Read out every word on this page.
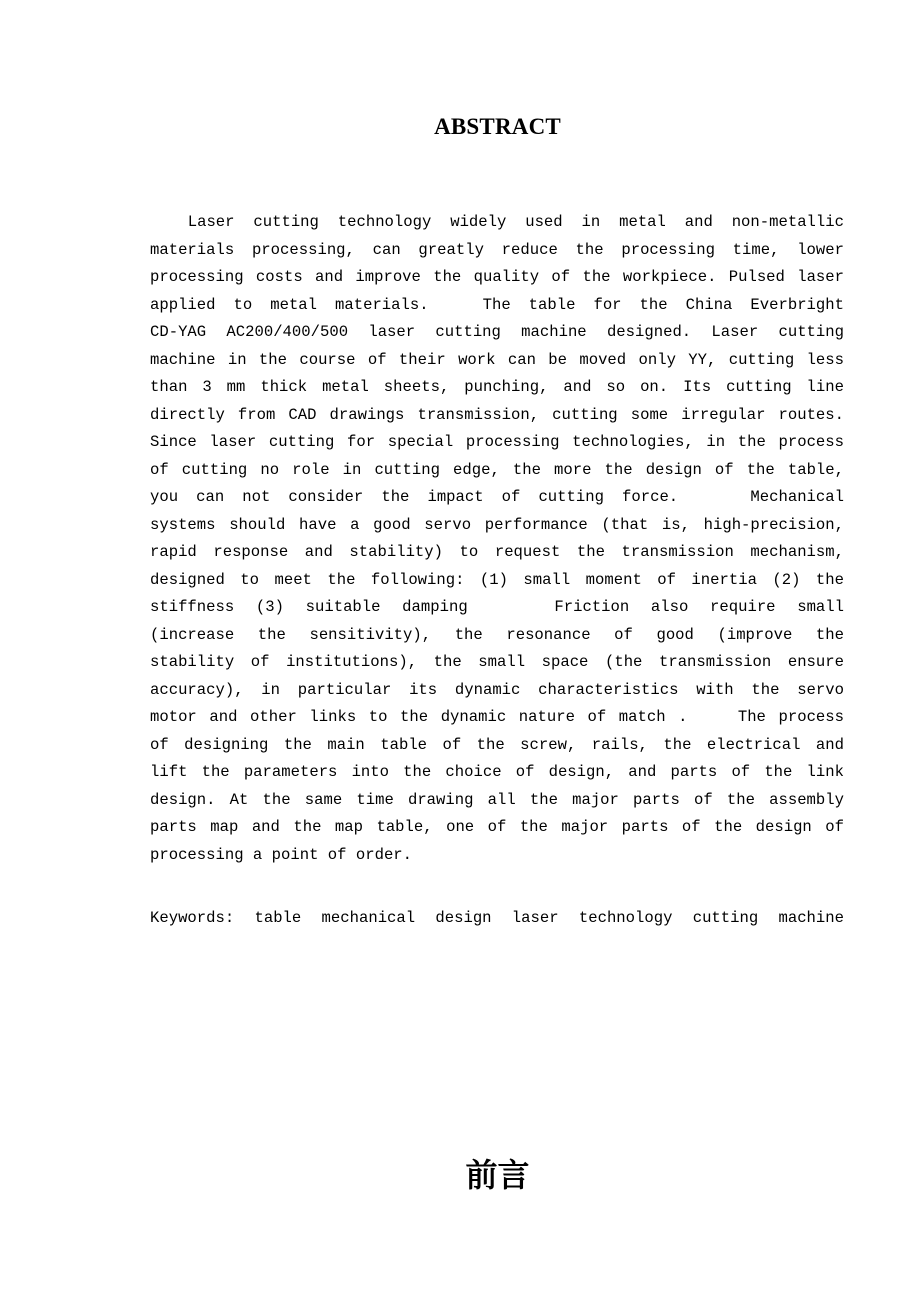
ABSTRACT
Laser cutting technology widely used in metal and non-metallic
materials processing, can greatly reduce the processing time, lower
processing costs and improve the quality of the workpiece. Pulsed laser
applied to metal materials.   The table for the China Everbright
CD-YAG AC200/400/500 laser cutting machine designed. Laser cutting
machine in the course of their work can be moved only YY, cutting less
than 3 mm thick metal sheets, punching, and so on. Its cutting line
directly from CAD drawings transmission, cutting some irregular routes.
Since laser cutting for special processing technologies, in the process
of cutting no role in cutting edge, the more the design of the table,
you can not consider the impact of cutting force.    Mechanical
systems should have a good servo performance (that is, high-precision,
rapid response and stability) to request the transmission mechanism,
designed to meet the following: (1) small moment of inertia (2) the
stiffness (3) suitable damping    Friction also require small
(increase the sensitivity), the resonance of good (improve the
stability of institutions), the small space (the transmission ensure
accuracy), in particular its dynamic characteristics with the servo
motor and other links to the dynamic nature of match .    The process
of designing the main table of the screw, rails, the electrical and
lift the parameters into the choice of design, and parts of the link
design. At the same time drawing all the major parts of the assembly
parts map and the map table, one of the major parts of the design of
processing a point of order.
Keywords: table mechanical design laser technology cutting machine
前言
